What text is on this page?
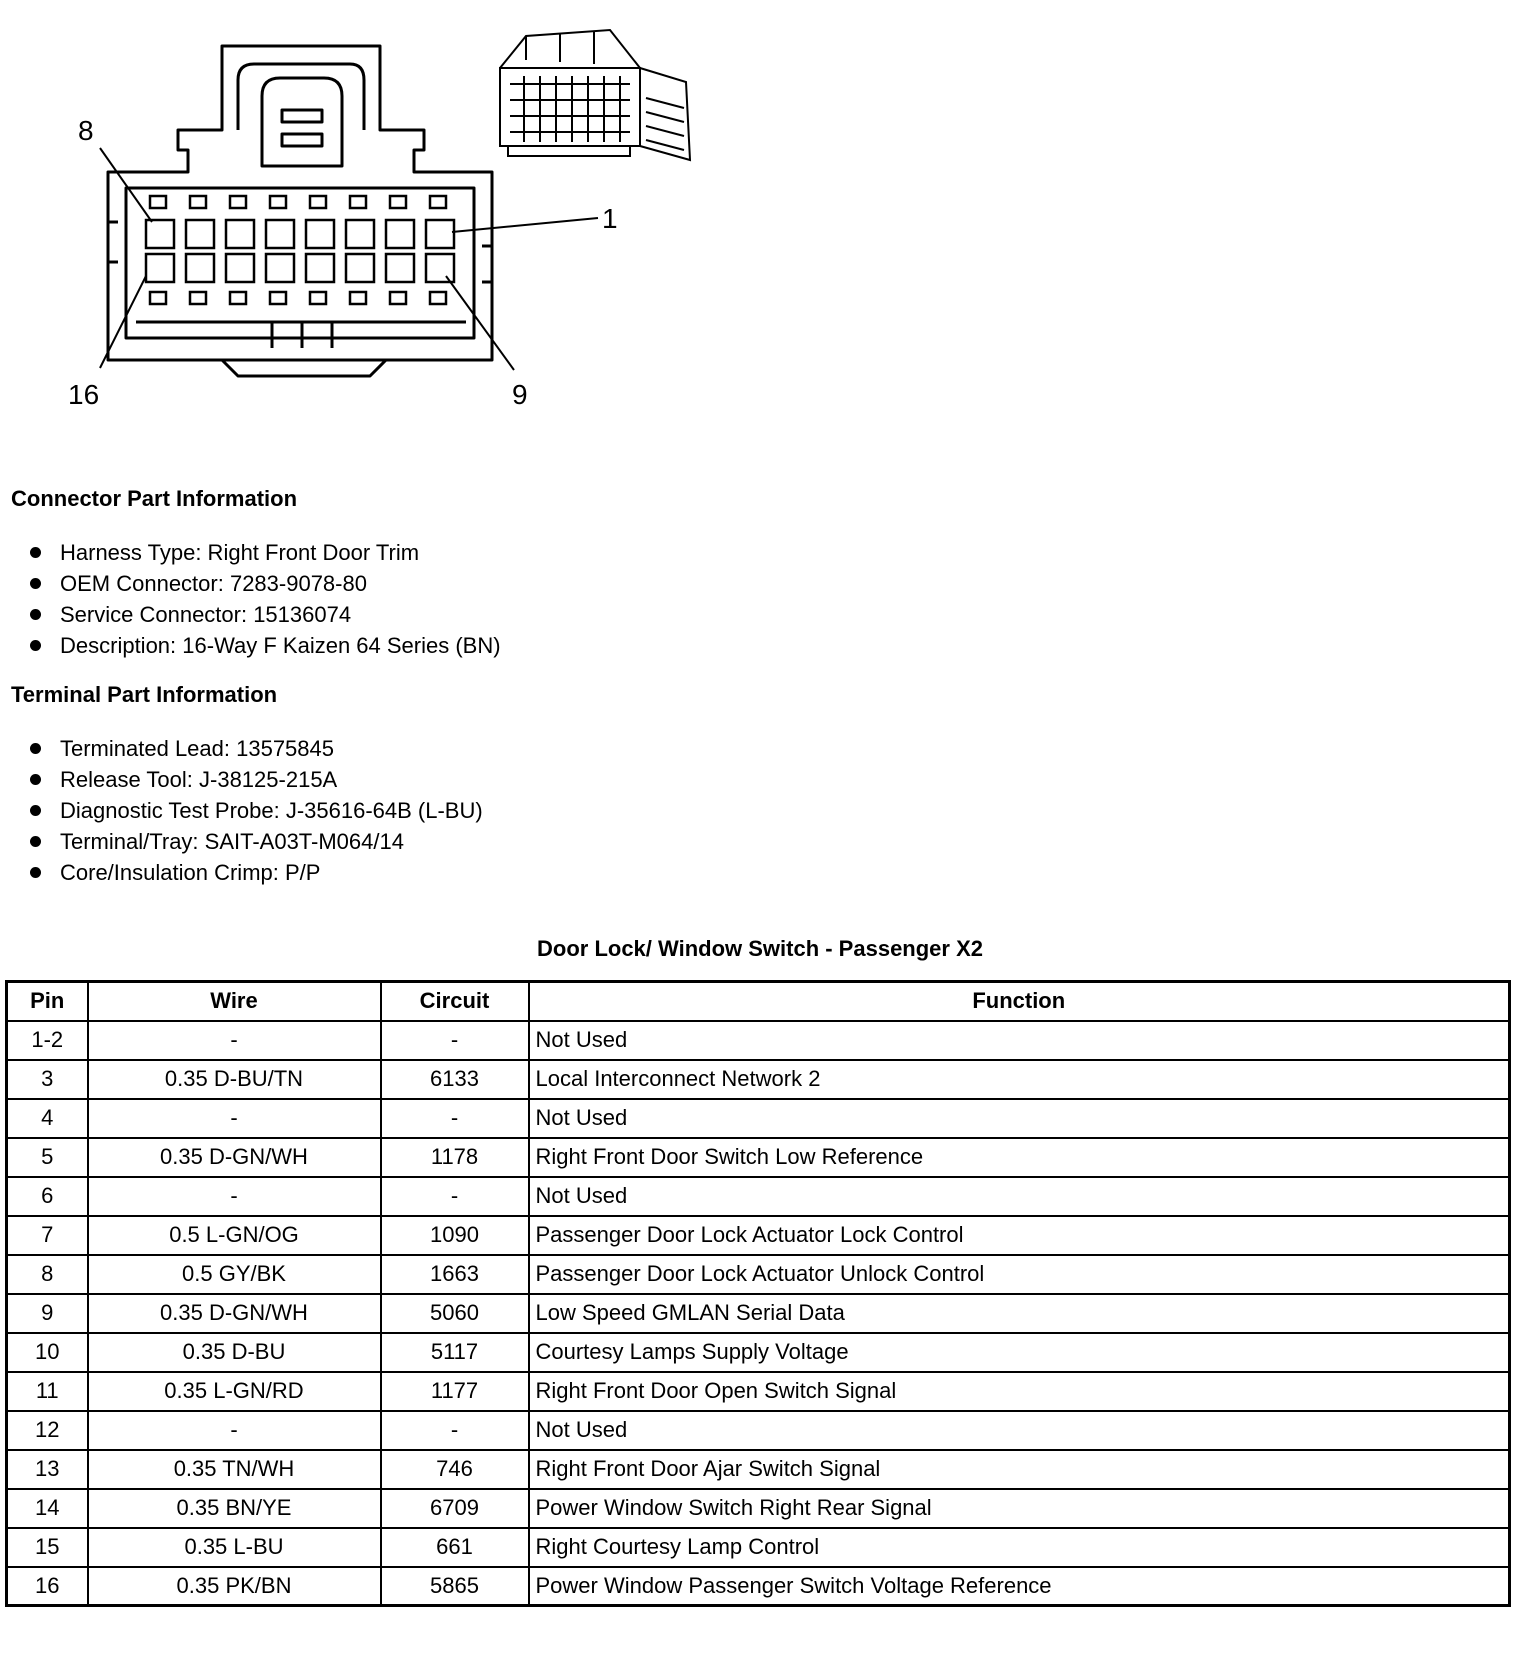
8
1
16	9
Connector Part Information
Harness Type: Right Front Door Trim
OEM Connector: 7283-9078-80
Service Connector: 15136074
Description: 16-Way F Kaizen 64 Series (BN)
Terminal Part Information
Terminated Lead: 13575845
Release Tool: J-38125-215A
Diagnostic Test Probe: J-35616-64B (L-BU)
Terminal/Tray: SAIT-A03T-M064/14
Core/Insulation Crimp: P/P
Door Lock/ Window Switch - Passenger X2
Pin	Wire	Circuit	Function
1-2	-	-	Not Used
3	0.35 D-BU/TN	6133	Local Interconnect Network 2
4	-	-	Not Used
5	0.35 D-GN/WH	1178	Right Front Door Switch Low Reference
6	-	-	Not Used
7	0.5 L-GN/OG	1090	Passenger Door Lock Actuator Lock Control
8	0.5 GY/BK	1663	Passenger Door Lock Actuator Unlock Control
9	0.35 D-GN/WH	5060	Low Speed GMLAN Serial Data
10	0.35 D-BU	5117	Courtesy Lamps Supply Voltage
11	0.35 L-GN/RD	1177	Right Front Door Open Switch Signal
12	-	-	Not Used
13	0.35 TN/WH	746	Right Front Door Ajar Switch Signal
14	0.35 BN/YE	6709	Power Window Switch Right Rear Signal
15	0.35 L-BU	661	Right Courtesy Lamp Control
16	0.35 PK/BN	5865	Power Window Passenger Switch Voltage Reference
